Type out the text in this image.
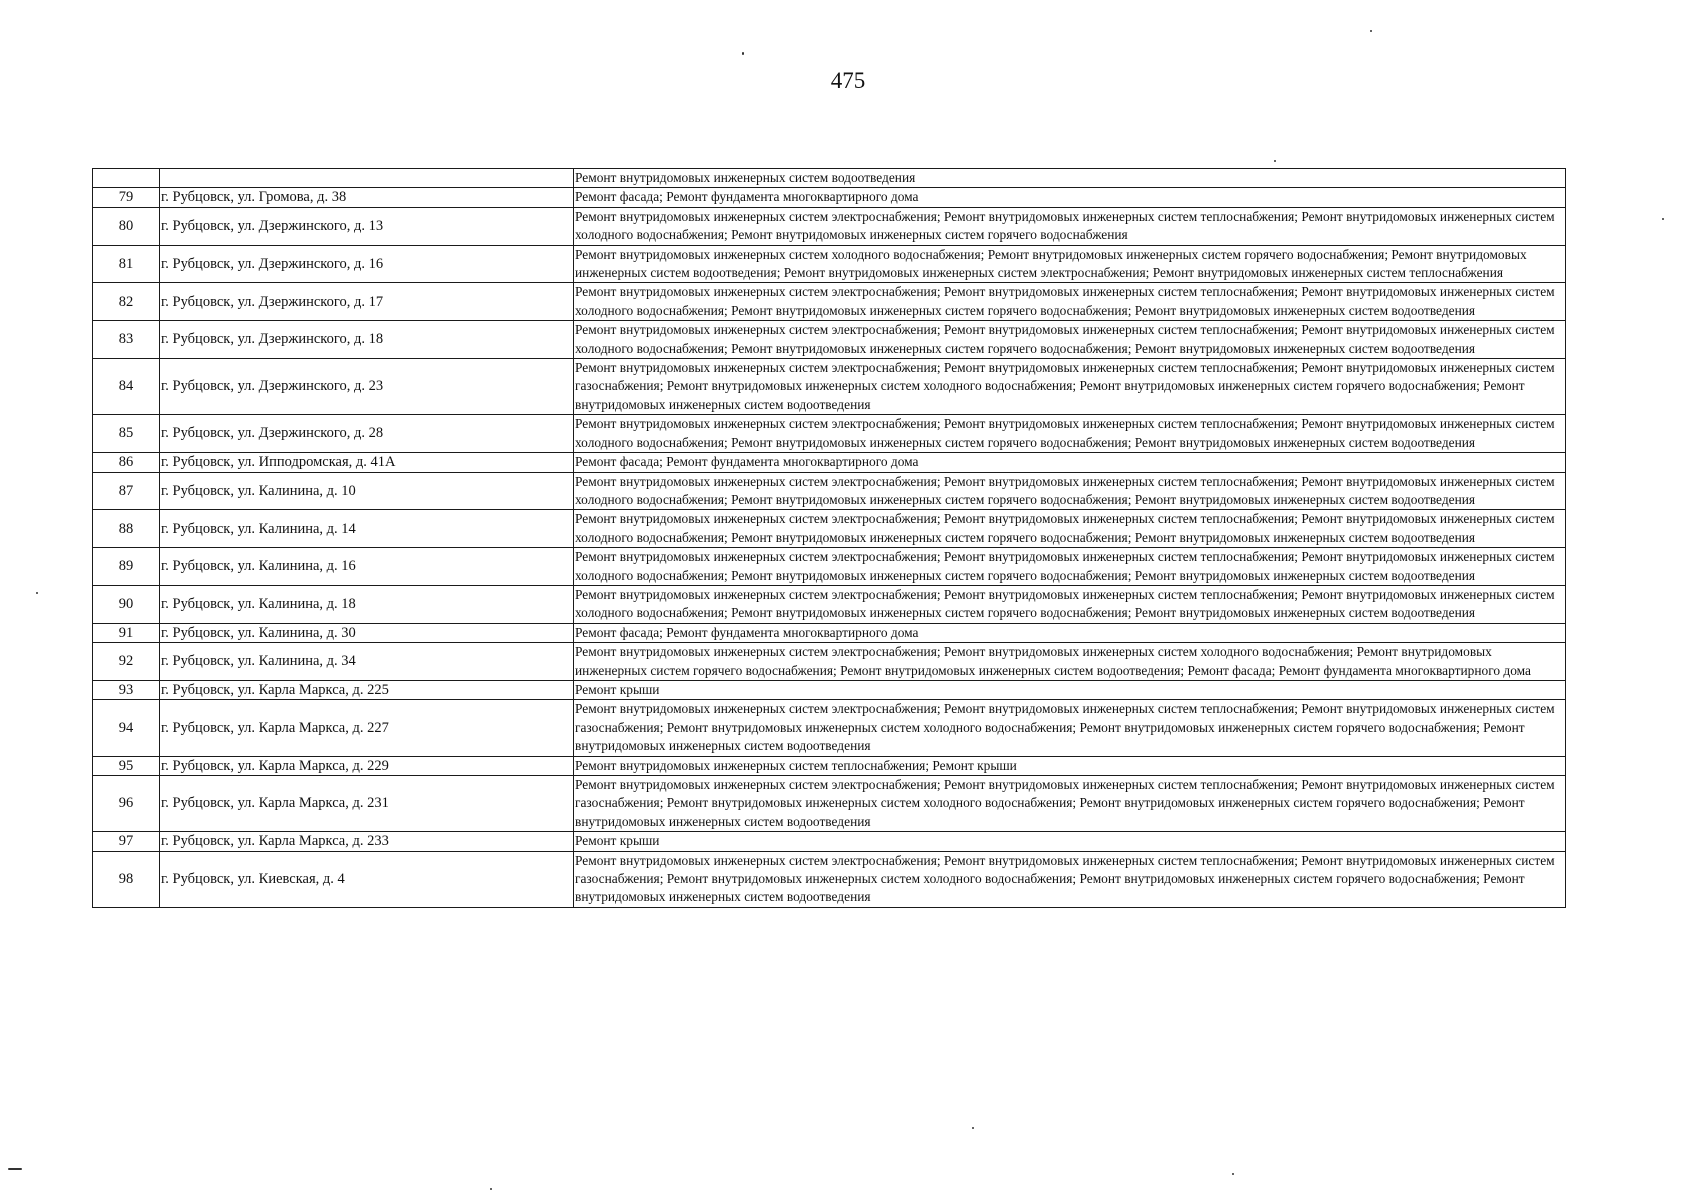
475
		Ремонт внутридомовых инженерных систем водоотведения
79	г. Рубцовск, ул. Громова, д. 38	Ремонт фасада; Ремонт фундамента многоквартирного дома
80	г. Рубцовск, ул. Дзержинского, д. 13	Ремонт внутридомовых инженерных систем электроснабжения; Ремонт внутридомовых инженерных систем теплоснабжения; Ремонт внутридомовых инженерных систем холодного водоснабжения; Ремонт внутридомовых инженерных систем горячего водоснабжения
81	г. Рубцовск, ул. Дзержинского, д. 16	Ремонт внутридомовых инженерных систем холодного водоснабжения; Ремонт внутридомовых инженерных систем горячего водоснабжения; Ремонт внутридомовых инженерных систем водоотведения; Ремонт внутридомовых инженерных систем электроснабжения; Ремонт внутридомовых инженерных систем теплоснабжения
82	г. Рубцовск, ул. Дзержинского, д. 17	Ремонт внутридомовых инженерных систем электроснабжения; Ремонт внутридомовых инженерных систем теплоснабжения; Ремонт внутридомовых инженерных систем холодного водоснабжения; Ремонт внутридомовых инженерных систем горячего водоснабжения; Ремонт внутридомовых инженерных систем водоотведения
83	г. Рубцовск, ул. Дзержинского, д. 18	Ремонт внутридомовых инженерных систем электроснабжения; Ремонт внутридомовых инженерных систем теплоснабжения; Ремонт внутридомовых инженерных систем холодного водоснабжения; Ремонт внутридомовых инженерных систем горячего водоснабжения; Ремонт внутридомовых инженерных систем водоотведения
84	г. Рубцовск, ул. Дзержинского, д. 23	Ремонт внутридомовых инженерных систем электроснабжения; Ремонт внутридомовых инженерных систем теплоснабжения; Ремонт внутридомовых инженерных систем газоснабжения; Ремонт внутридомовых инженерных систем холодного водоснабжения; Ремонт внутридомовых инженерных систем горячего водоснабжения; Ремонт внутридомовых инженерных систем водоотведения
85	г. Рубцовск, ул. Дзержинского, д. 28	Ремонт внутридомовых инженерных систем электроснабжения; Ремонт внутридомовых инженерных систем теплоснабжения; Ремонт внутридомовых инженерных систем холодного водоснабжения; Ремонт внутридомовых инженерных систем горячего водоснабжения; Ремонт внутридомовых инженерных систем водоотведения
86	г. Рубцовск, ул. Ипподромская, д. 41А	Ремонт фасада; Ремонт фундамента многоквартирного дома
87	г. Рубцовск, ул. Калинина, д. 10	Ремонт внутридомовых инженерных систем электроснабжения; Ремонт внутридомовых инженерных систем теплоснабжения; Ремонт внутридомовых инженерных систем холодного водоснабжения; Ремонт внутридомовых инженерных систем горячего водоснабжения; Ремонт внутридомовых инженерных систем водоотведения
88	г. Рубцовск, ул. Калинина, д. 14	Ремонт внутридомовых инженерных систем электроснабжения; Ремонт внутридомовых инженерных систем теплоснабжения; Ремонт внутридомовых инженерных систем холодного водоснабжения; Ремонт внутридомовых инженерных систем горячего водоснабжения; Ремонт внутридомовых инженерных систем водоотведения
89	г. Рубцовск, ул. Калинина, д. 16	Ремонт внутридомовых инженерных систем электроснабжения; Ремонт внутридомовых инженерных систем теплоснабжения; Ремонт внутридомовых инженерных систем холодного водоснабжения; Ремонт внутридомовых инженерных систем горячего водоснабжения; Ремонт внутридомовых инженерных систем водоотведения
90	г. Рубцовск, ул. Калинина, д. 18	Ремонт внутридомовых инженерных систем электроснабжения; Ремонт внутридомовых инженерных систем теплоснабжения; Ремонт внутридомовых инженерных систем холодного водоснабжения; Ремонт внутридомовых инженерных систем горячего водоснабжения; Ремонт внутридомовых инженерных систем водоотведения
91	г. Рубцовск, ул. Калинина, д. 30	Ремонт фасада; Ремонт фундамента многоквартирного дома
92	г. Рубцовск, ул. Калинина, д. 34	Ремонт внутридомовых инженерных систем электроснабжения; Ремонт внутридомовых инженерных систем холодного водоснабжения; Ремонт внутридомовых инженерных систем горячего водоснабжения; Ремонт внутридомовых инженерных систем водоотведения; Ремонт фасада; Ремонт фундамента многоквартирного дома
93	г. Рубцовск, ул. Карла Маркса, д. 225	Ремонт крыши
94	г. Рубцовск, ул. Карла Маркса, д. 227	Ремонт внутридомовых инженерных систем электроснабжения; Ремонт внутридомовых инженерных систем теплоснабжения; Ремонт внутридомовых инженерных систем газоснабжения; Ремонт внутридомовых инженерных систем холодного водоснабжения; Ремонт внутридомовых инженерных систем горячего водоснабжения; Ремонт внутридомовых инженерных систем водоотведения
95	г. Рубцовск, ул. Карла Маркса, д. 229	Ремонт внутридомовых инженерных систем теплоснабжения; Ремонт крыши
96	г. Рубцовск, ул. Карла Маркса, д. 231	Ремонт внутридомовых инженерных систем электроснабжения; Ремонт внутридомовых инженерных систем теплоснабжения; Ремонт внутридомовых инженерных систем газоснабжения; Ремонт внутридомовых инженерных систем холодного водоснабжения; Ремонт внутридомовых инженерных систем горячего водоснабжения; Ремонт внутридомовых инженерных систем водоотведения
97	г. Рубцовск, ул. Карла Маркса, д. 233	Ремонт крыши
98	г. Рубцовск, ул. Киевская, д. 4	Ремонт внутридомовых инженерных систем электроснабжения; Ремонт внутридомовых инженерных систем теплоснабжения; Ремонт внутридомовых инженерных систем газоснабжения; Ремонт внутридомовых инженерных систем холодного водоснабжения; Ремонт внутридомовых инженерных систем горячего водоснабжения; Ремонт внутридомовых инженерных систем водоотведения
